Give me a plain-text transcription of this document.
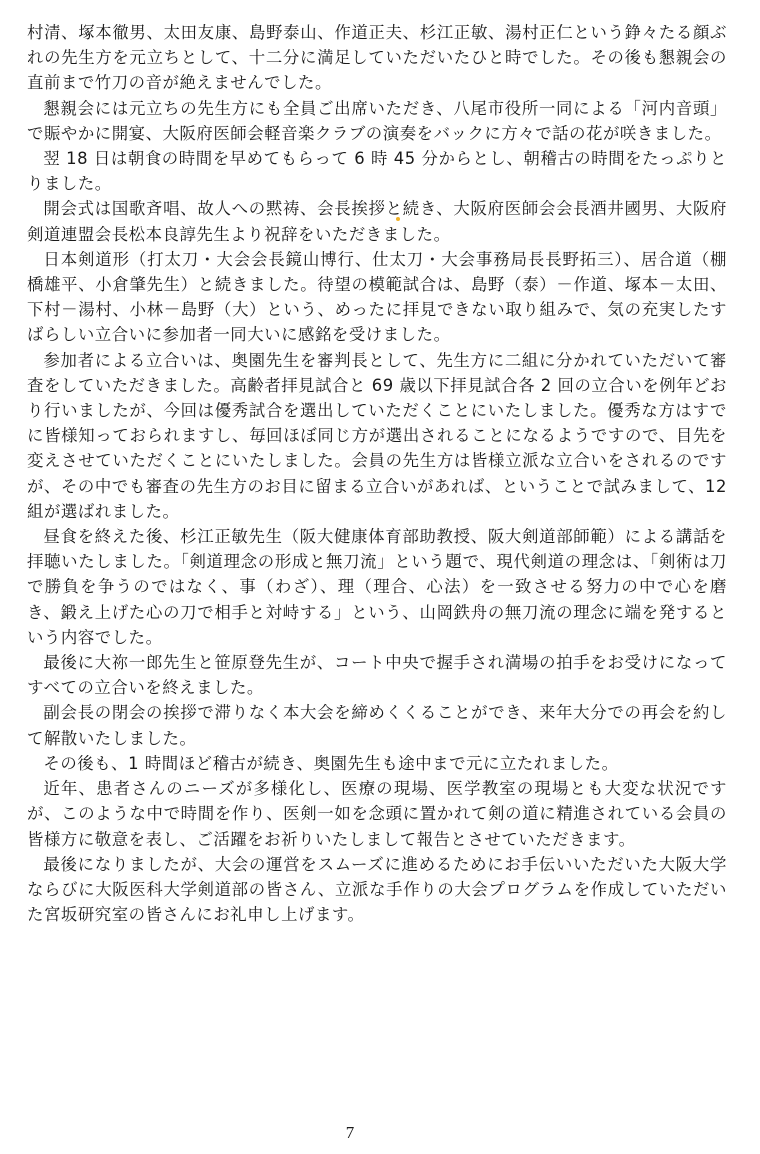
村清、塚本徹男、太田友康、島野泰山、作道正夫、杉江正敏、湯村正仁という錚々たる顔ぶれの先生方を元立ちとして、十二分に満足していただいたひと時でした。その後も懇親会の直前まで竹刀の音が絶えませんでした。

懇親会には元立ちの先生方にも全員ご出席いただき、八尾市役所一同による「河内音頭」で賑やかに開宴、大阪府医師会軽音楽クラブの演奏をバックに方々で話の花が咲きました。

翌 18 日は朝食の時間を早めてもらって 6 時 45 分からとし、朝稽古の時間をたっぷりとりました。

開会式は国歌斉唱、故人への黙祷、会長挨拶と続き、大阪府医師会会長酒井國男、大阪府剣道連盟会長松本良諄先生より祝辞をいただきました。

日本剣道形（打太刀・大会会長鏡山博行、仕太刀・大会事務局長長野拓三）、居合道（棚橋雄平、小倉肇先生）と続きました。待望の模範試合は、島野（泰）－作道、塚本－太田、下村－湯村、小林－島野（大）という、めったに拝見できない取り組みで、気の充実したすばらしい立合いに参加者一同大いに感銘を受けました。

参加者による立合いは、奥園先生を審判長として、先生方に二組に分かれていただいて審査をしていただきました。高齢者拝見試合と 69 歳以下拝見試合各 2 回の立合いを例年どおり行いましたが、今回は優秀試合を選出していただくことにいたしました。優秀な方はすでに皆様知っておられますし、毎回ほぼ同じ方が選出されることになるようですので、目先を変えさせていただくことにいたしました。会員の先生方は皆様立派な立合いをされるのですが、その中でも審査の先生方のお目に留まる立合いがあれば、ということで試みまして、12 組が選ばれました。

昼食を終えた後、杉江正敏先生（阪大健康体育部助教授、阪大剣道部師範）による講話を拝聴いたしました。「剣道理念の形成と無刀流」という題で、現代剣道の理念は、「剣術は刀で勝負を争うのではなく、事（わざ）、理（理合、心法）を一致させる努力の中で心を磨き、鍛え上げた心の刀で相手と対峙する」という、山岡鉄舟の無刀流の理念に端を発するという内容でした。

最後に大祢一郎先生と笹原登先生が、コート中央で握手され満場の拍手をお受けになってすべての立合いを終えました。

副会長の閉会の挨拶で滞りなく本大会を締めくくることができ、来年大分での再会を約して解散いたしました。

その後も、1 時間ほど稽古が続き、奥園先生も途中まで元に立たれました。

近年、患者さんのニーズが多様化し、医療の現場、医学教室の現場とも大変な状況ですが、このような中で時間を作り、医剣一如を念頭に置かれて剣の道に精進されている会員の皆様方に敬意を表し、ご活躍をお祈りいたしまして報告とさせていただきます。

最後になりましたが、大会の運営をスムーズに進めるためにお手伝いいただいた大阪大学ならびに大阪医科大学剣道部の皆さん、立派な手作りの大会プログラムを作成していただいた宮坂研究室の皆さんにお礼申し上げます。

7
